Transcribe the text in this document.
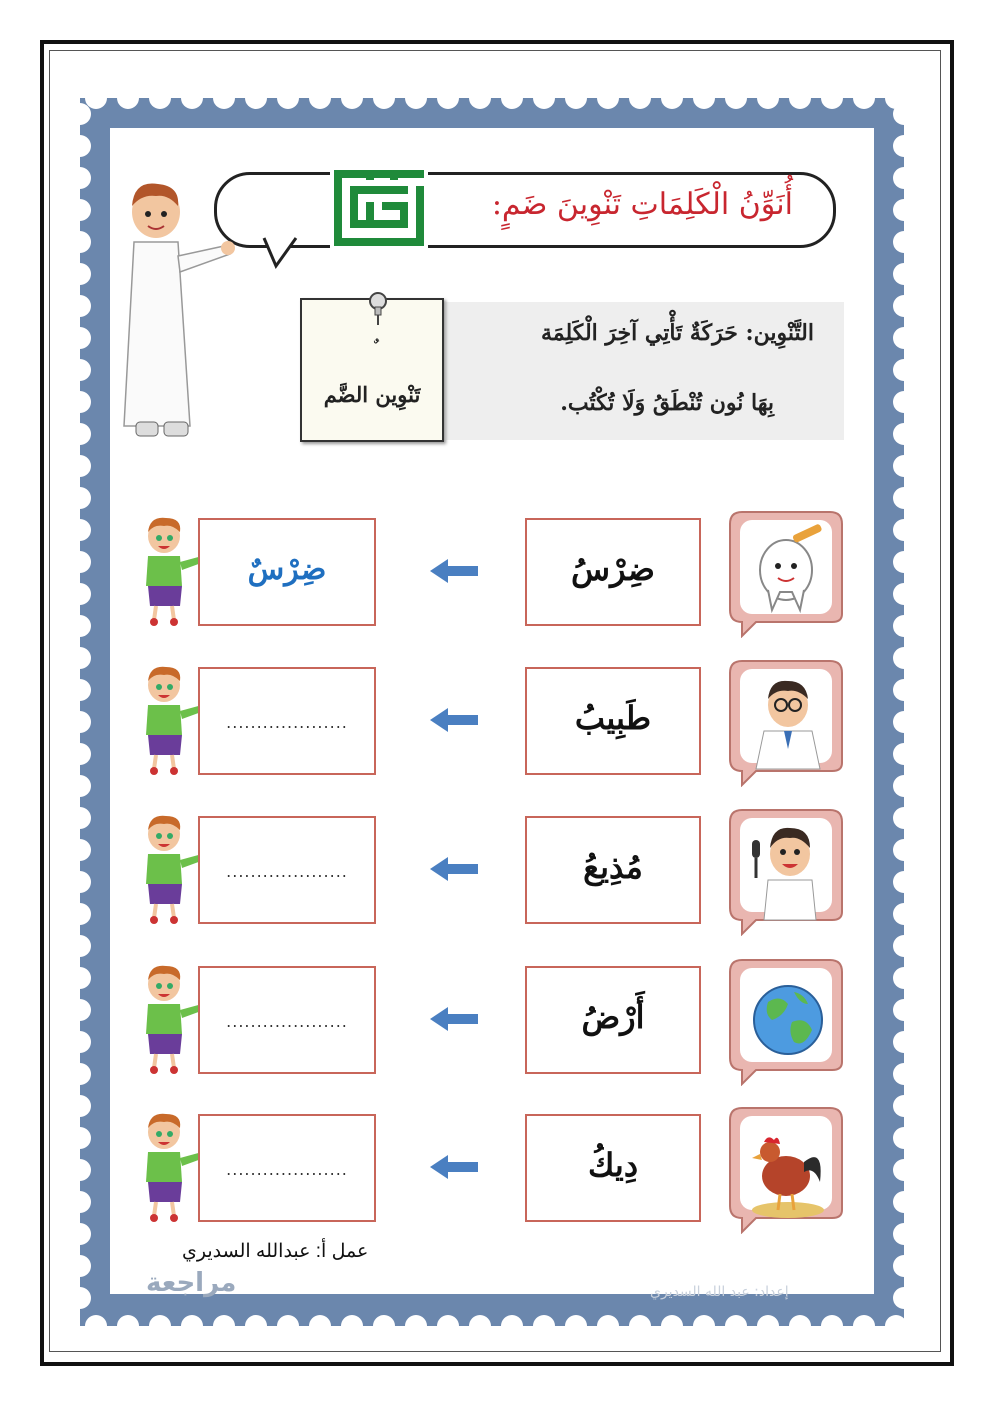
أُنَوِّنُ الْكَلِمَاتِ تَنْوِينَ ضَمٍ:
التَّنْوِين: حَرَكَةٌ تَأْتِي آخِرَ الْكَلِمَة
بِهَا نُون تُنْطَقُ وَلَا تُكْتُب.
تَنْوِين الضَّم
ضِرْس	ضِرْسُ
....................	طَبِيبُ
....................	مُذِيعُ
....................	أَرْضُ
....................	دِيكُ
عمل أ: عبدالله السديري
مراجعة	إعداد: عبد الله السديري
